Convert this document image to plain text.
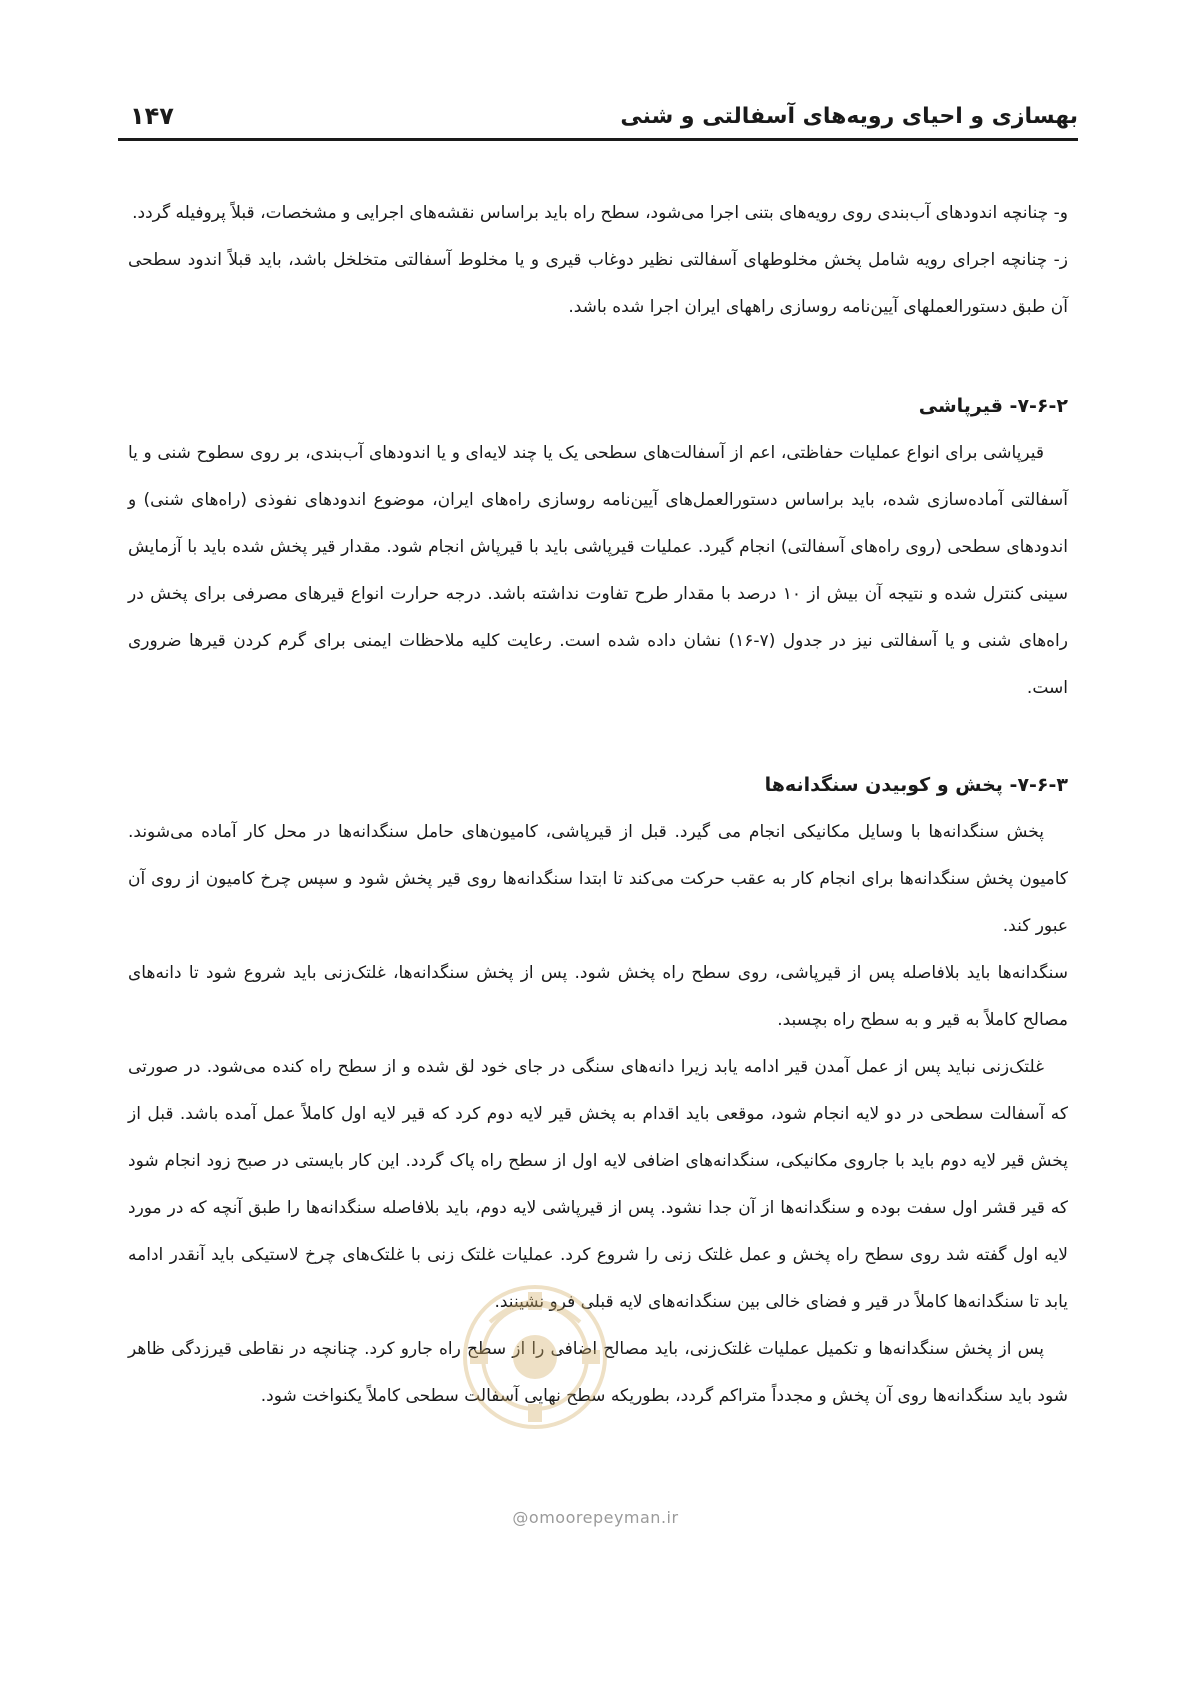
۱۴۷	بهسازی و احیای رویه‌های آسفالتی و شنی

و- چنانچه اندودهای آب‌بندی روی رویه‌های بتنی اجرا می‌شود، سطح راه باید براساس نقشه‌های اجرایی و مشخصات، قبلاً پروفیله گردد.

ز- چنانچه اجرای رویه شامل پخش مخلوطهای آسفالتی نظیر دوغاب قیری و یا مخلوط آسفالتی متخلخل باشد، باید قبلاً اندود سطحی آن طبق دستورالعملهای آیین‌نامه روسازی راههای ایران اجرا شده باشد.

۷-۶-۲- قیرپاشی

قیرپاشی برای انواع عملیات حفاظتی، اعم از آسفالت‌های سطحی یک یا چند لایه‌ای و یا اندودهای آب‌بندی، بر روی سطوح شنی و یا آسفالتی آماده‌سازی شده، باید براساس دستورالعمل‌های آیین‌نامه روسازی راه‌های ایران، موضوع اندودهای نفوذی (راه‌های شنی) و اندودهای سطحی (روی راه‌های آسفالتی) انجام گیرد. عملیات قیرپاشی باید با قیرپاش انجام شود. مقدار قیر پخش شده باید با آزمایش سینی کنترل شده و نتیجه آن بیش از ۱۰ درصد با مقدار طرح تفاوت نداشته باشد. درجه حرارت انواع قیرهای مصرفی برای پخش در راه‌های شنی و یا آسفالتی نیز در جدول (۷-۱۶) نشان داده شده است. رعایت کلیه ملاحظات ایمنی برای گرم کردن قیرها ضروری است.

۷-۶-۳- پخش و کوبیدن سنگدانه‌ها

پخش سنگدانه‌ها با وسایل مکانیکی انجام می گیرد. قبل از قیرپاشی، کامیون‌های حامل سنگدانه‌ها در محل کار آماده می‌شوند. کامیون پخش سنگدانه‌ها برای انجام کار به عقب حرکت می‌کند تا ابتدا سنگدانه‌ها روی قیر پخش شود و سپس چرخ کامیون از روی آن عبور کند.

سنگدانه‌ها باید بلافاصله پس از قیرپاشی، روی سطح راه پخش شود. پس از پخش سنگدانه‌ها، غلتک‌زنی باید شروع شود تا دانه‌های مصالح کاملاً به قیر و به سطح راه بچسبد.

غلتک‌زنی نباید پس از عمل آمدن قیر ادامه یابد زیرا دانه‌های سنگی در جای خود لق شده و از سطح راه کنده می‌شود. در صورتی که آسفالت سطحی در دو لایه انجام شود، موقعی باید اقدام به پخش قیر لایه دوم کرد که قیر لایه اول کاملاً عمل آمده باشد. قبل از پخش قیر لایه دوم باید با جاروی مکانیکی، سنگدانه‌های اضافی لایه اول از سطح راه پاک گردد. این کار بایستی در صبح زود انجام شود که قیر قشر اول سفت بوده و سنگدانه‌ها از آن جدا نشود. پس از قیرپاشی لایه دوم، باید بلافاصله سنگدانه‌ها را طبق آنچه که در مورد لایه اول گفته شد روی سطح راه پخش و عمل غلتک زنی را شروع کرد. عملیات غلتک زنی با غلتک‌های چرخ لاستیکی باید آنقدر ادامه یابد تا سنگدانه‌ها کاملاً در قیر و فضای خالی بین سنگدانه‌های لایه قبلی فرو نشینند.

پس از پخش سنگدانه‌ها و تکمیل عملیات غلتک‌زنی، باید مصالح اضافی را از سطح راه جارو کرد. چنانچه در نقاطی قیرزدگی ظاهر شود باید سنگدانه‌ها روی آن پخش و مجدداً متراکم گردد، بطوریکه سطح نهایی آسفالت سطحی کاملاً یکنواخت شود.

@omoorepeyman.ir
